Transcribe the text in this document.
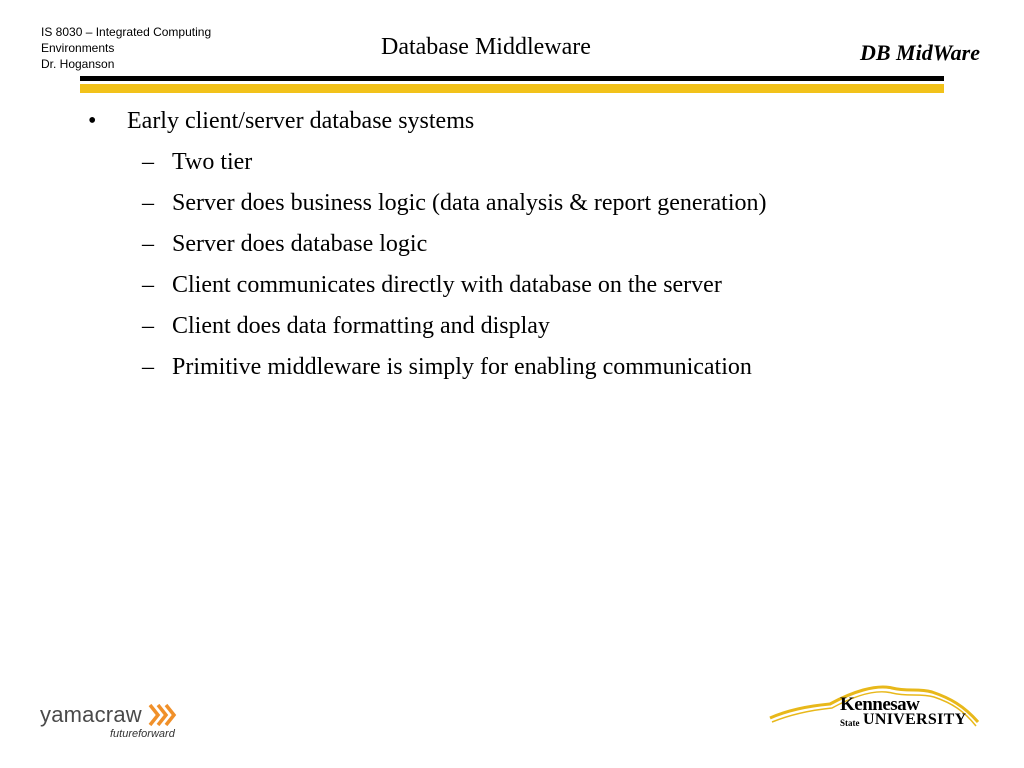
IS 8030 – Integrated Computing
Environments
Dr. Hoganson
Database Middleware	DB MidWare
• Early client/server database systems
– Two tier
– Server does business logic (data analysis & report generation)
– Server does database logic
– Client communicates directly with database on the server
– Client does data formatting and display
– Primitive middleware is simply for enabling communication
yamacraw
futureforward
Kennesaw
State UNIVERSITY
